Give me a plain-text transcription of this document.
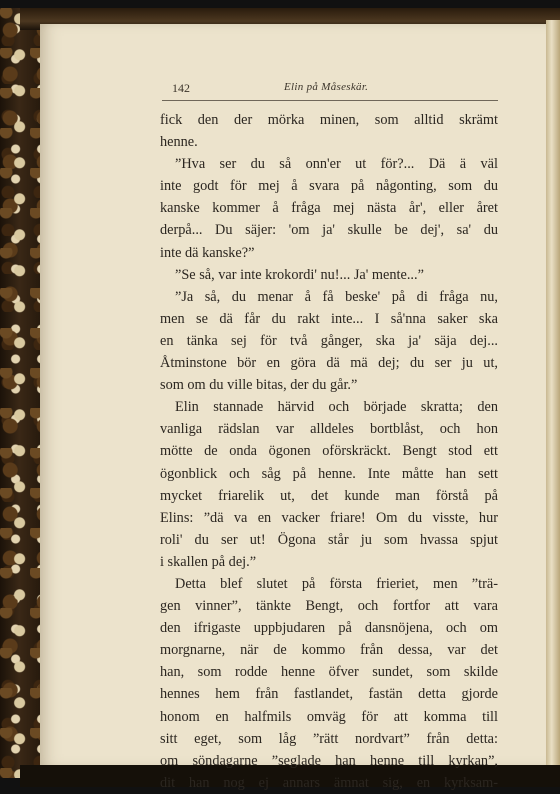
142	Elin på Måseskär.
fick den der mörka minen, som alltid skrämt
henne.
”Hva ser du så onn'er ut för?... Dä ä väl
inte godt för mej å svara på någonting, som du
kanske kommer å fråga mej nästa år', eller året
derpå... Du säjer: 'om ja' skulle be dej', sa' du
inte dä kanske?”
”Se så, var inte krokordi' nu!... Ja' mente...”
”Ja så, du menar å få beske' på di fråga nu,
men se dä får du rakt inte... I så'nna saker ska
en tänka sej för två gånger, ska ja' säja dej...
Åtminstone bör en göra dä mä dej; du ser ju ut,
som om du ville bitas, der du går.”
Elin stannade härvid och började skratta; den
vanliga rädslan var alldeles bortblåst, och hon
mötte de onda ögonen oförskräckt. Bengt stod ett
ögonblick och såg på henne. Inte måtte han sett
mycket friarelik ut, det kunde man förstå på
Elins: ”dä va en vacker friare! Om du visste, hur
roli' du ser ut! Ögona står ju som hvassa spjut
i skallen på dej.”
Detta blef slutet på första frieriet, men ”trä-
gen vinner”, tänkte Bengt, och fortfor att vara
den ifrigaste uppbjudaren på dansnöjena, och om
morgnarne, när de kommo från dessa, var det
han, som rodde henne öfver sundet, som skilde
hennes hem från fastlandet, fastän detta gjorde
honom en halfmils omväg för att komma till
sitt eget, som låg ”rätt nordvart” från detta:
om söndagarne ”seglade han henne till kyrkan”,
dit han nog ej annars ämnat sig, en kyrksam-
